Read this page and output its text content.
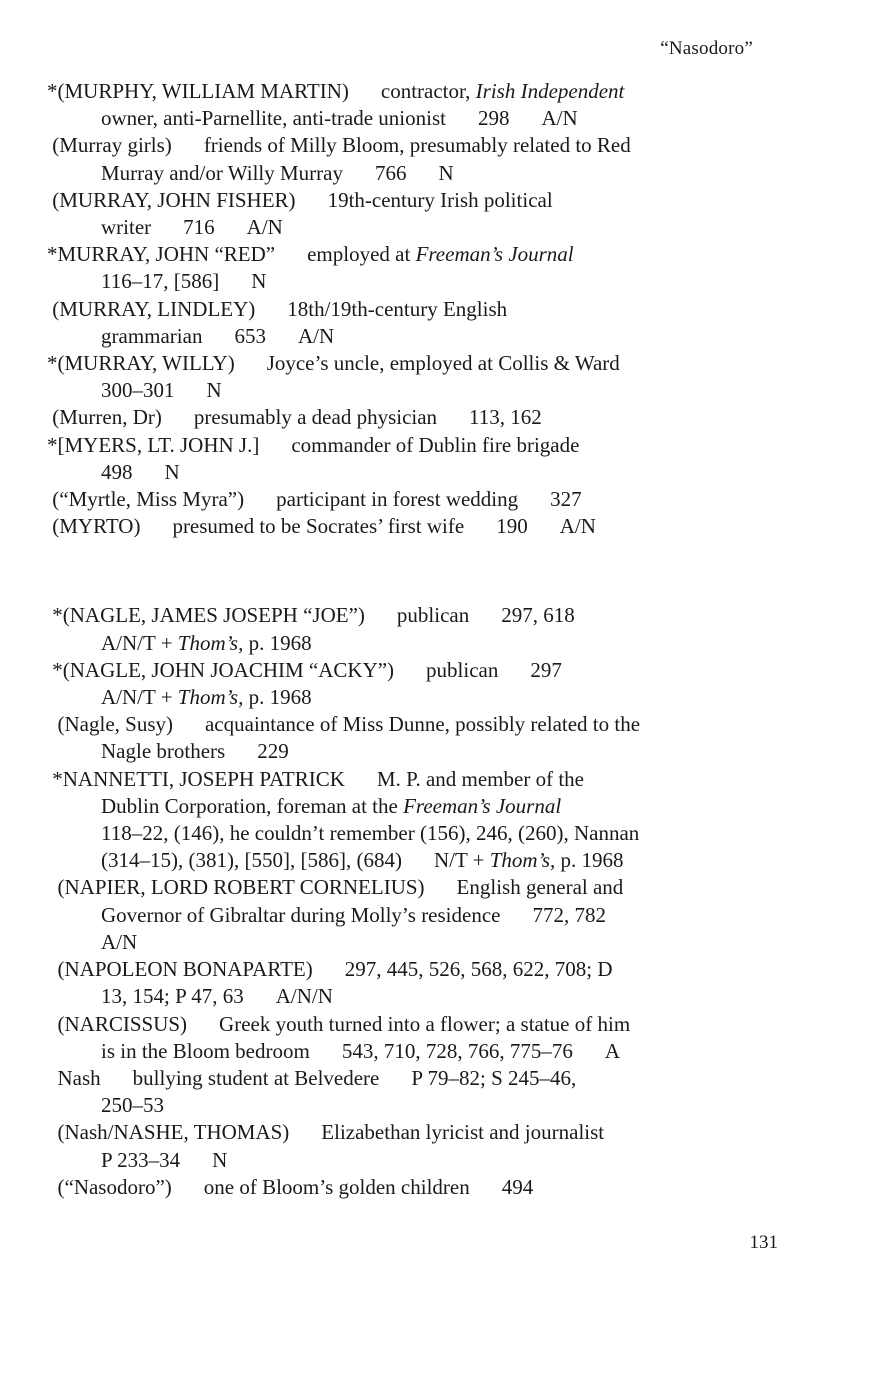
“Nasodoro”
*(MURPHY, WILLIAM MARTIN) contractor, Irish Independent
owner, anti-Parnellite, anti-trade unionist 298 A/N
(Murray girls) friends of Milly Bloom, presumably related to Red
Murray and/or Willy Murray 766 N
(MURRAY, JOHN FISHER) 19th-century Irish political
writer 716 A/N
*MURRAY, JOHN “RED” employed at Freeman’s Journal
116–17, [586] N
(MURRAY, LINDLEY) 18th/19th-century English
grammarian 653 A/N
*(MURRAY, WILLY) Joyce’s uncle, employed at Collis & Ward
300–301 N
(Murren, Dr) presumably a dead physician 113, 162
*[MYERS, LT. JOHN J.] commander of Dublin fire brigade
498 N
(“Myrtle, Miss Myra”) participant in forest wedding 327
(MYRTO) presumed to be Socrates’ first wife 190 A/N
*(NAGLE, JAMES JOSEPH “JOE”) publican 297, 618
A/N/T + Thom’s, p. 1968
*(NAGLE, JOHN JOACHIM “ACKY”) publican 297
A/N/T + Thom’s, p. 1968
(Nagle, Susy) acquaintance of Miss Dunne, possibly related to the
Nagle brothers 229
*NANNETTI, JOSEPH PATRICK M. P. and member of the
Dublin Corporation, foreman at the Freeman’s Journal
118–22, (146), he couldn’t remember (156), 246, (260), Nannan
(314–15), (381), [550], [586], (684) N/T + Thom’s, p. 1968
(NAPIER, LORD ROBERT CORNELIUS) English general and
Governor of Gibraltar during Molly’s residence 772, 782
A/N
(NAPOLEON BONAPARTE) 297, 445, 526, 568, 622, 708; D
13, 154; P 47, 63 A/N/N
(NARCISSUS) Greek youth turned into a flower; a statue of him
is in the Bloom bedroom 543, 710, 728, 766, 775–76 A
Nash bullying student at Belvedere P 79–82; S 245–46,
250–53
(Nash/NASHE, THOMAS) Elizabethan lyricist and journalist
P 233–34 N
(“Nasodoro”) one of Bloom’s golden children 494
131
